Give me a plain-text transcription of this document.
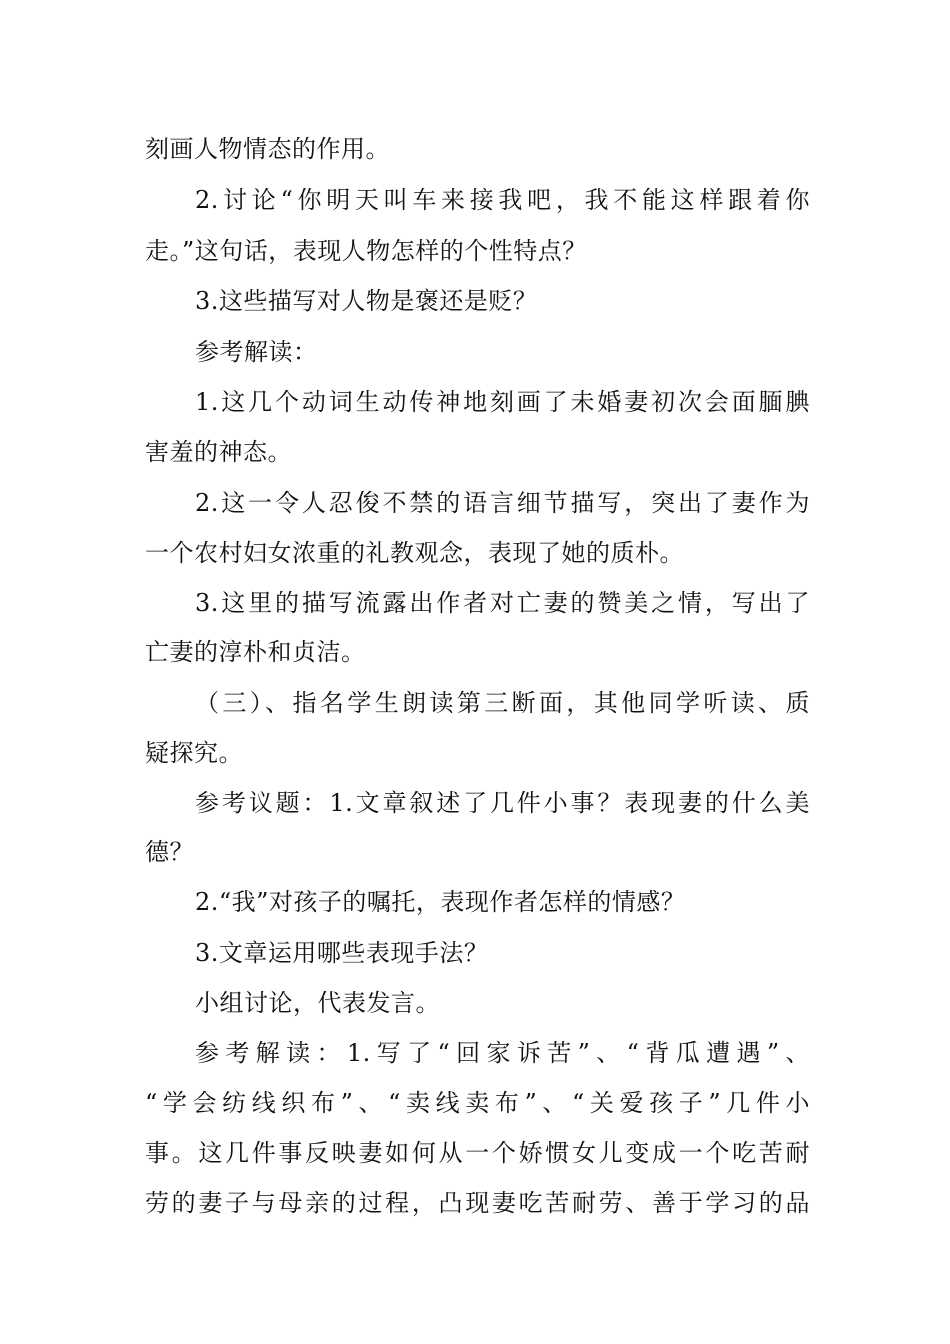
刻画人物情态的作用。
2.讨论“你明天叫车来接我吧，我不能这样跟着你
走。”这句话，表现人物怎样的个性特点？
3.这些描写对人物是褒还是贬？
参考解读：
1.这几个动词生动传神地刻画了未婚妻初次会面腼腆
害羞的神态。
2.这一令人忍俊不禁的语言细节描写，突出了妻作为
一个农村妇女浓重的礼教观念，表现了她的质朴。
3.这里的描写流露出作者对亡妻的赞美之情，写出了
亡妻的淳朴和贞洁。
（三）、指名学生朗读第三断面，其他同学听读、质
疑探究。
参考议题：1.文章叙述了几件小事？表现妻的什么美
德？
2.“我”对孩子的嘱托，表现作者怎样的情感？
3.文章运用哪些表现手法？
小组讨论，代表发言。
参考解读：1.写了“回家诉苦”、“背瓜遭遇”、
“学会纺线织布”、“卖线卖布”、“关爱孩子”几件小
事。这几件事反映妻如何从一个娇惯女儿变成一个吃苦耐
劳的妻子与母亲的过程，凸现妻吃苦耐劳、善于学习的品
